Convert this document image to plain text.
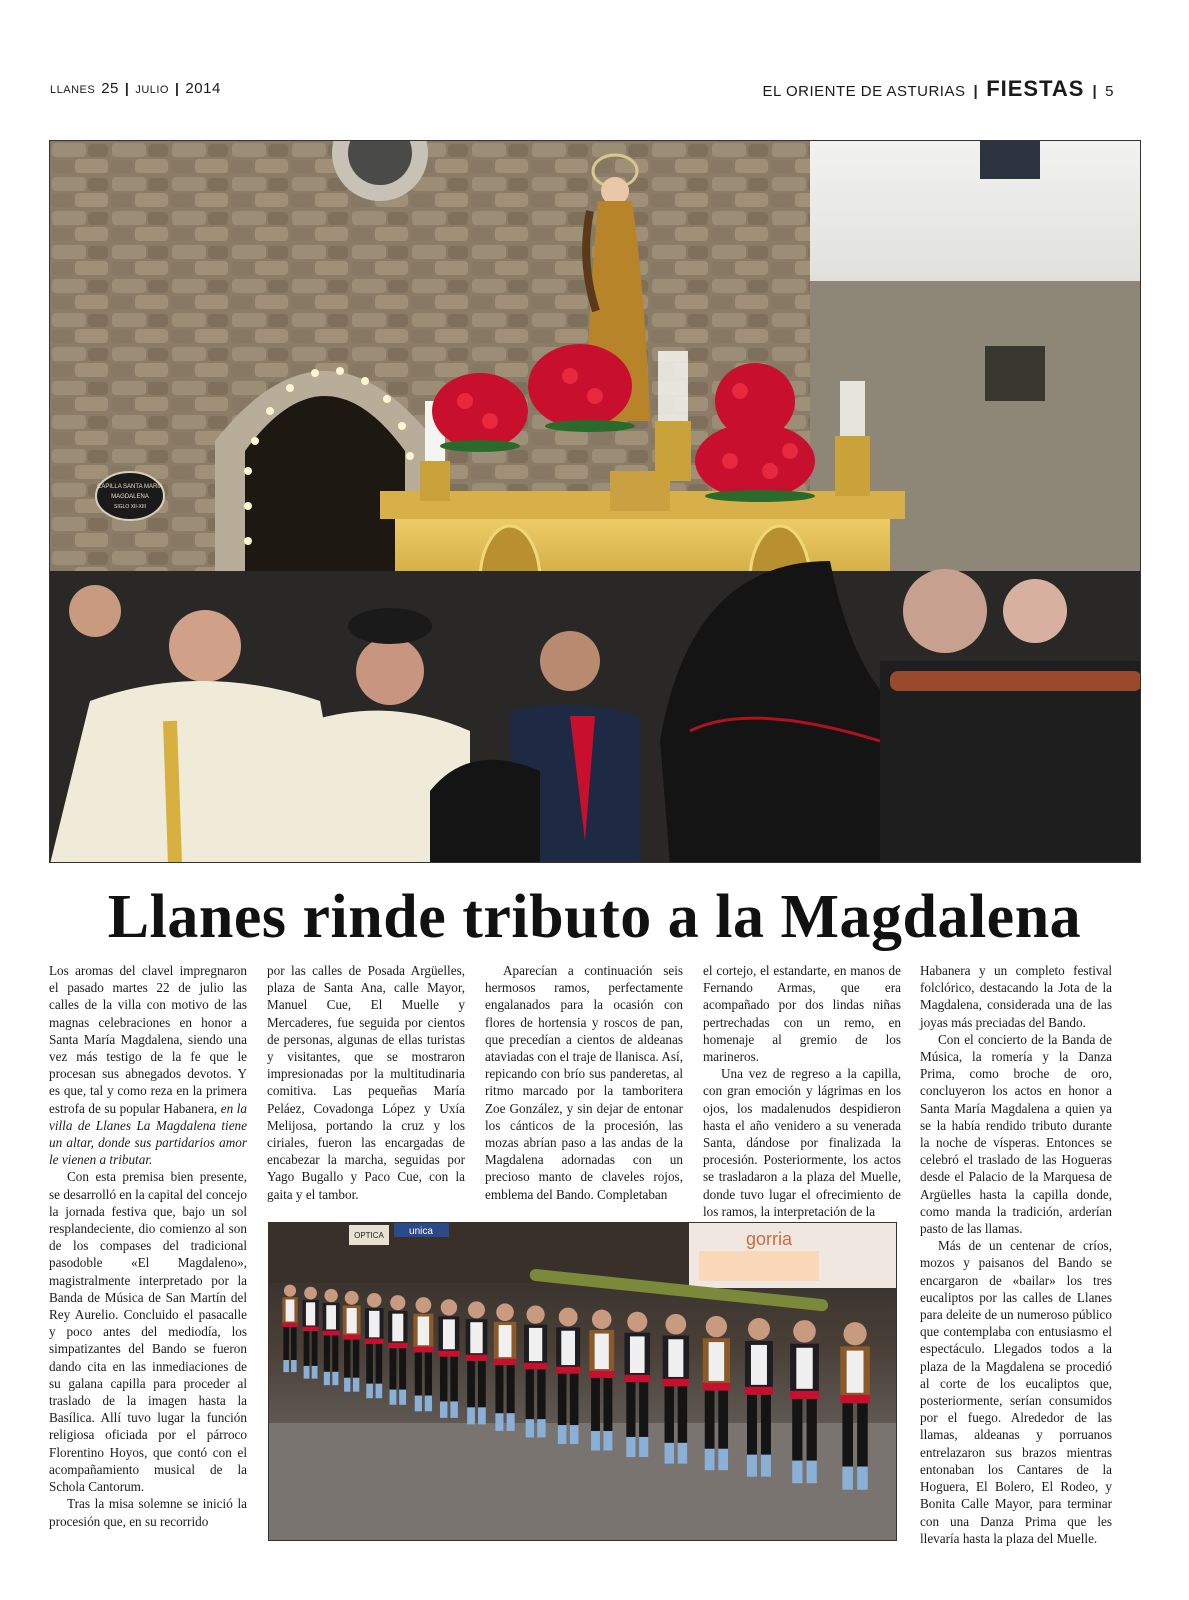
LLANES 25 | JULIO | 2014	EL ORIENTE DE ASTURIAS | FIESTAS | 5
CAPILLA SANTA MARÍA
MAGDALENA
SIGLO XII-XIII
Llanes rinde tributo a la Magdalena

Los aromas del clavel impregnaron el pasado martes 22 de julio las calles de la villa con motivo de las magnas celebraciones en honor a Santa María Magdalena, siendo una vez más testigo de la fe que le procesan sus abnegados devotos. Y es que, tal y como reza en la primera estrofa de su popular Habanera, en la villa de Llanes La Magdalena tiene un altar, donde sus partidarios amor le vienen a tributar.

Con esta premisa bien presente, se desarrolló en la capital del concejo la jornada festiva que, bajo un sol resplandeciente, dio comienzo al son de los compases del tradicional pasodoble «El Magdaleno», magistralmente interpretado por la Banda de Música de San Martín del Rey Aurelio. Concluido el pasacalle y poco antes del mediodía, los simpatizantes del Bando se fueron dando cita en las inmediaciones de su galana capilla para proceder al traslado de la imagen hasta la Basílica. Allí tuvo lugar la función religiosa oficiada por el párroco Florentino Hoyos, que contó con el acompañamiento musical de la Schola Cantorum.

Tras la misa solemne se inició la procesión que, en su recorrido

por las calles de Posada Argüelles, plaza de Santa Ana, calle Mayor, Manuel Cue, El Muelle y Mercaderes, fue seguida por cientos de personas, algunas de ellas turistas y visitantes, que se mostraron impresionadas por la multitudinaria comitiva. Las pequeñas María Peláez, Covadonga López y Uxía Melijosa, portando la cruz y los ciriales, fueron las encargadas de encabezar la marcha, seguidas por Yago Bugallo y Paco Cue, con la gaita y el tambor.

Aparecían a continuación seis hermosos ramos, perfectamente engalanados para la ocasión con flores de hortensia y roscos de pan, que precedían a cientos de aldeanas ataviadas con el traje de llanisca. Así, repicando con brío sus panderetas, al ritmo marcado por la tamboritera Zoe González, y sin dejar de entonar los cánticos de la procesión, las mozas abrían paso a las andas de la Magdalena adornadas con un precioso manto de claveles rojos, emblema del Bando. Completaban

el cortejo, el estandarte, en manos de Fernando Armas, que era acompañado por dos lindas niñas pertrechadas con un remo, en homenaje al gremio de los marineros.

Una vez de regreso a la capilla, con gran emoción y lágrimas en los ojos, los madalenudos despidieron hasta el año venidero a su venerada Santa, dándose por finalizada la procesión. Posteriormente, los actos se trasladaron a la plaza del Muelle, donde tuvo lugar el ofrecimiento de los ramos, la interpretación de la

Habanera y un completo festival folclórico, destacando la Jota de la Magdalena, considerada una de las joyas más preciadas del Bando.

Con el concierto de la Banda de Música, la romería y la Danza Prima, como broche de oro, concluyeron los actos en honor a Santa María Magdalena a quien ya se la había rendido tributo durante la noche de vísperas. Entonces se celebró el traslado de las Hogueras desde el Palacio de la Marquesa de Argüelles hasta la capilla donde, como manda la tradición, arderían pasto de las llamas.

Más de un centenar de críos, mozos y paisanos del Bando se encargaron de «bailar» los tres eucaliptos por las calles de Llanes para deleite de un numeroso público que contemplaba con entusiasmo el espectáculo. Llegados todos a la plaza de la Magdalena se procedió al corte de los eucaliptos que, posteriormente, serían consumidos por el fuego. Alrededor de las llamas, aldeanas y porruanos entrelazaron sus brazos mientras entonaban los Cantares de la Hoguera, El Bolero, El Rodeo, y Bonita Calle Mayor, para terminar con una Danza Prima que les llevaría hasta la plaza del Muelle.

OPTICA	unica	gorria
